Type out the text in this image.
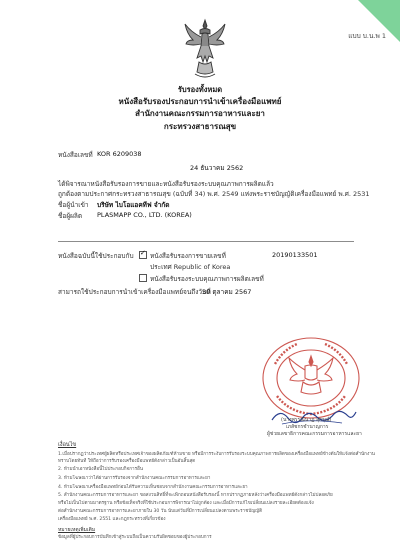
แบบ บ.น.พ 1
รับรองทั้งหมด
หนังสือรับรองประกอบการนำเข้าเครื่องมือแพทย์
สำนักงานคณะกรรมการอาหารและยา
กระทรวงสาธารณสุข
หนังสือเลขที่ KOR 6209038
24 ธันวาคม 2562
ได้พิจารณาหนังสือรับรองการขายและหนังสือรับรองระบบคุณภาพการผลิตแล้ว
ถูกต้องตามประกาศกระทรวงสาธารณสุข (ฉบับที่ 34) พ.ศ. 2549 แห่งพระราชบัญญัติเครื่องมือแพทย์ พ.ศ. 2531
ชื่อผู้นำเข้า บริษัท ไบโอแอคทีฟ จำกัด
ชื่อผู้ผลิต PLASMAPP CO., LTD. (KOREA)
หนังสือฉบับนี้ใช้ประกอบกับ ✓ หนังสือรับรองการขายเลขที่	20190133501
ประเทศ Republic of Korea
หนังสือรับรองระบบคุณภาพการผลิตเลขที่
สามารถใช้ประกอบการนำเข้าเครื่องมือแพทย์จนถึงวันที่
30 ตุลาคม 2567
(นางพรรณีนาฏ สุกรุณ์)
เภสัชกรชำนาญการ
ผู้ช่วยเลขาธิการคณะกรรมการอาหารและยา
เงื่อนไข
1.เมื่อปรากฏว่าประเทศผู้ผลิตหรือประเทศเจ้าของผลิตภัณฑ์ห้ามขาย หรือมีการระงับการรับรองระบบคุณภาพการผลิตของเครื่องมือแพทย์ข้างต้นให้แจ้งต่อสำนักงาน
ทราบโดยทันที ให้ถือว่าการรับรองเครื่องมือแพทย์ดังกล่าวเป็นอันสิ้นสุด
2. ห้ามนำเอาหนังสือนี้ไปประกอบกิจการอื่น
3. ห้ามโฆษณาว่าได้ผ่านการรับรองจากสำนักงานคณะกรรมการอาหารและยา
4. ห้ามโฆษณาเครื่องมือแพทย์ก่อนได้รับความเห็นชอบจากสำนักงานคณะกรรมการอาหารและยา
5. สำนักงานคณะกรรมการอาหารและยา ขอสงวนสิทธิ์ที่จะเพิกถอนหนังสือรับรองนี้ หากปรากฏภายหลังว่าเครื่องมือแพทย์ดังกล่าวไม่ปลอดภัย
หรือไม่เป็นไปตามมาตรฐาน หรือข้อเท็จจริงที่ใช้ประกอบการพิจารณาไม่ถูกต้อง และเมื่อมีการแก้ไขเปลี่ยนแปลงรายละเอียดต้องแจ้ง
ต่อสำนักงานคณะกรรมการอาหารและยาภายใน 30 วัน นับแต่วันที่มีการเปลี่ยนแปลงตามพระราชบัญญัติ
เครื่องมือแพทย์ พ.ศ. 2551 และกฎกระทรวงที่เกี่ยวข้อง
หมายเหตุเพิ่มเติม
ข้อมูลที่ผู้ประกอบการบันทึกเข้าสู่ระบบถือเป็นความรับผิดชอบของผู้ประกอบการ
